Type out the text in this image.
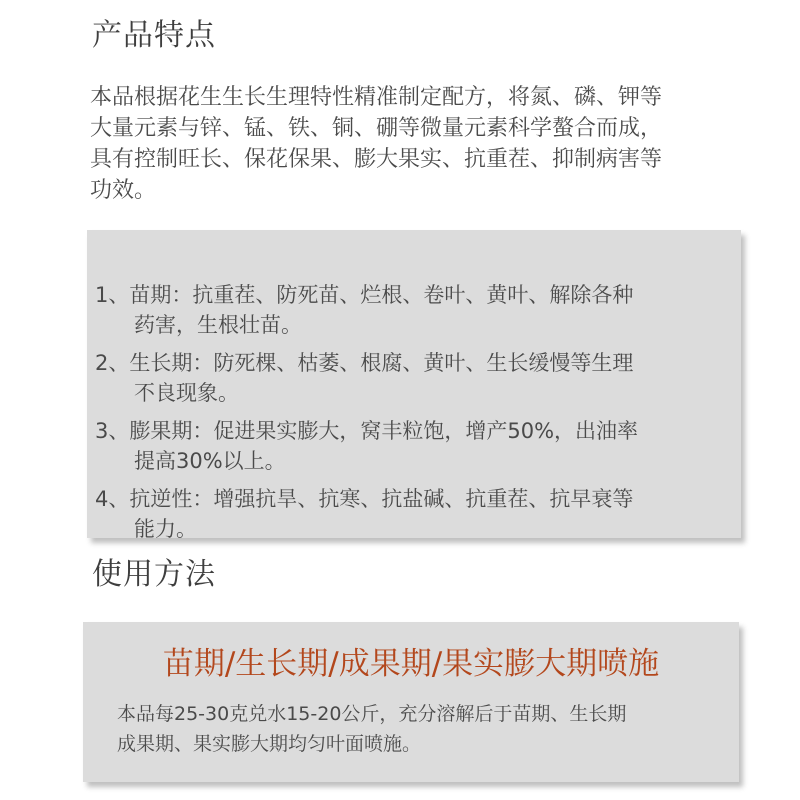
产品特点

本品根据花生生长生理特性精准制定配方，将氮、磷、钾等

大量元素与锌、锰、铁、铜、硼等微量元素科学螯合而成，

具有控制旺长、保花保果、膨大果实、抗重茬、抑制病害等

功效。

1、苗期：抗重茬、防死苗、烂根、卷叶、黄叶、解除各种
药害，生根壮苗。
2、生长期：防死棵、枯萎、根腐、黄叶、生长缓慢等生理
不良现象。
3、膨果期：促进果实膨大，窝丰粒饱，增产50%，出油率
提高30%以上。
4、抗逆性：增强抗旱、抗寒、抗盐碱、抗重茬、抗早衰等
能力。
使用方法
苗期/生长期/成果期/果实膨大期喷施

本品每25-30克兑水15-20公斤，充分溶解后于苗期、生长期

成果期、果实膨大期均匀叶面喷施。
